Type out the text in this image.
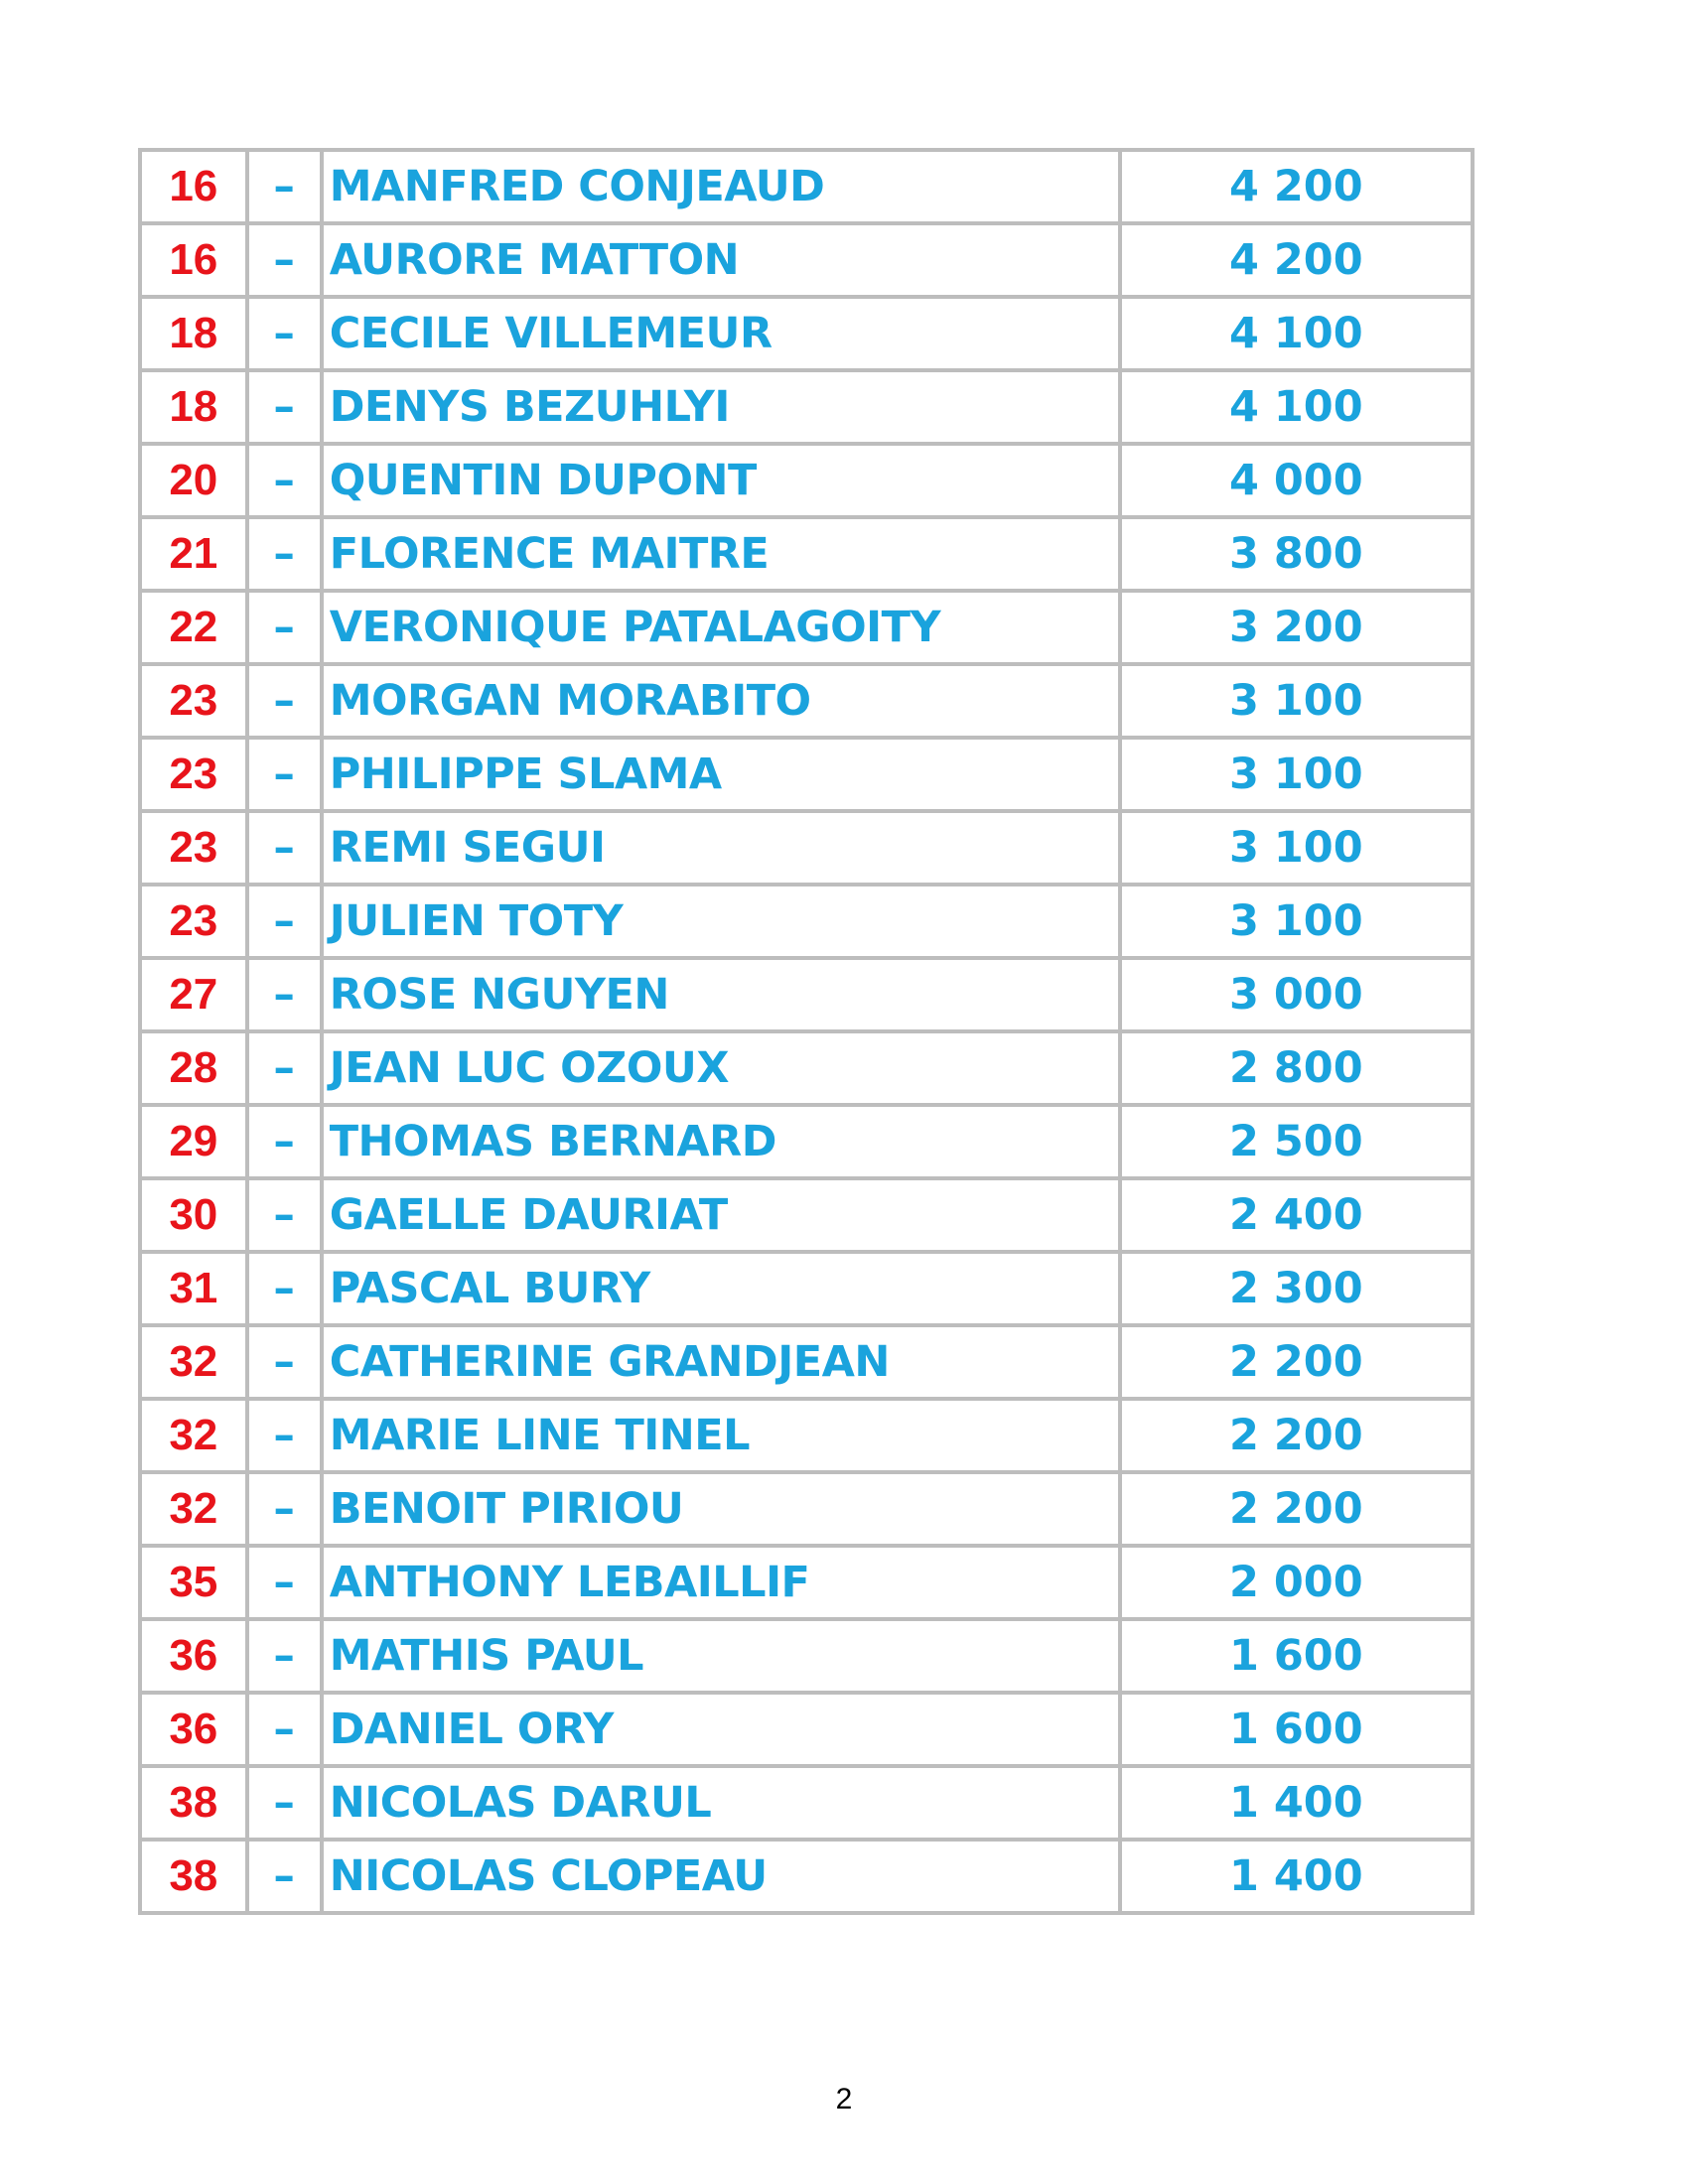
16	–	MANFRED CONJEAUD	4 200
16	–	AURORE MATTON	4 200
18	–	CECILE VILLEMEUR	4 100
18	–	DENYS BEZUHLYI	4 100
20	–	QUENTIN DUPONT	4 000
21	–	FLORENCE MAITRE	3 800
22	–	VERONIQUE PATALAGOITY	3 200
23	–	MORGAN MORABITO	3 100
23	–	PHILIPPE SLAMA	3 100
23	–	REMI SEGUI	3 100
23	–	JULIEN TOTY	3 100
27	–	ROSE NGUYEN	3 000
28	–	JEAN LUC OZOUX	2 800
29	–	THOMAS BERNARD	2 500
30	–	GAELLE DAURIAT	2 400
31	–	PASCAL BURY	2 300
32	–	CATHERINE GRANDJEAN	2 200
32	–	MARIE LINE TINEL	2 200
32	–	BENOIT PIRIOU	2 200
35	–	ANTHONY LEBAILLIF	2 000
36	–	MATHIS PAUL	1 600
36	–	DANIEL ORY	1 600
38	–	NICOLAS DARUL	1 400
38	–	NICOLAS CLOPEAU	1 400
2
